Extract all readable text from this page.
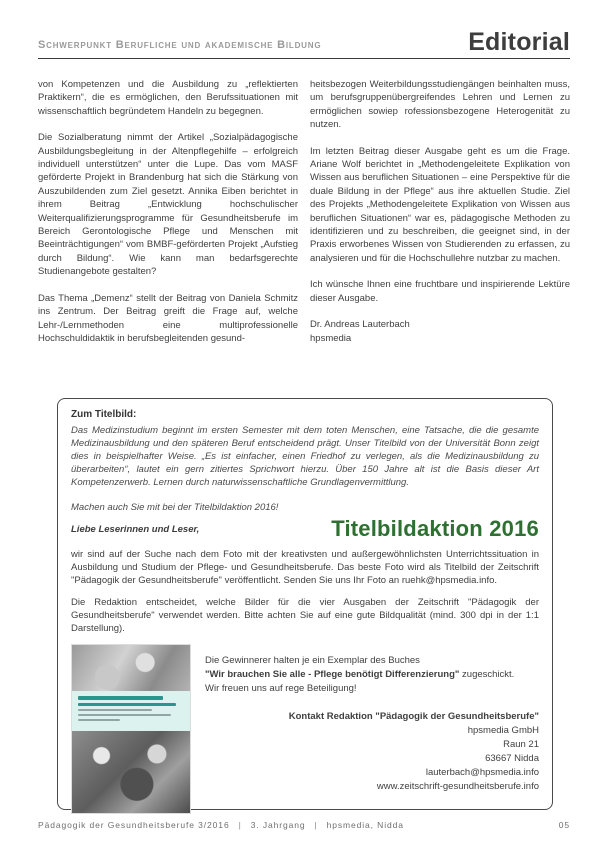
Schwerpunkt Berufliche und akademische Bildung	Editorial

von Kompetenzen und die Ausbildung zu „reflektierten Praktikern“, die es ermöglichen, den Berufssituationen mit wissenschaftlich begründetem Handeln zu begegnen.

Die Sozialberatung nimmt der Artikel „Sozialpädagogische Ausbildungsbegleitung in der Altenpflegehilfe – erfolgreich individuell unterstützen“ unter die Lupe. Das vom MASF geförderte Projekt in Brandenburg hat sich die Stärkung von Auszubildenden zum Ziel gesetzt. Annika Eiben berichtet in ihrem Beitrag „Entwicklung hochschulischer Weiterqualifizierungsprogramme für Gesundheitsberufe im Bereich Gerontologische Pflege und Menschen mit Beeinträchtigungen“ vom BMBF-geförderten Projekt „Aufstieg durch Bildung“. Wie kann man bedarfsgerechte Studienangebote gestalten?

Das Thema „Demenz“ stellt der Beitrag von Daniela Schmitz ins Zentrum. Der Beitrag greift die Frage auf, welche Lehr-/Lernmethoden eine multiprofessionelle Hochschuldidaktik in berufsbegleitenden gesund-

heitsbezogen Weiterbildungsstudiengängen beinhalten muss, um berufsgruppenübergreifendes Lehren und Lernen zu ermöglichen sowiep rofessionsbezogene Heterogenität zu nutzen.

Im letzten Beitrag dieser Ausgabe geht es um die Frage. Ariane Wolf berichtet in „Methodengeleitete Explikation von Wissen aus beruflichen Situationen – eine Perspektive für die duale Bildung in der Pflege“ aus ihre aktuellen Studie. Ziel des Projekts „Methodengeleitete Explikation von Wissen aus beruflichen Situationen“ war es, pädagogische Methoden zu identifizieren und zu beschreiben, die geeignet sind, in der Praxis erworbenes Wissen von Studierenden zu erfassen, zu analysieren und für die Hochschullehre nutzbar zu machen.

Ich wünsche Ihnen eine fruchtbare und inspirierende Lektüre dieser Ausgabe.

Dr. Andreas Lauterbach
hpsmedia

Zum Titelbild:

Das Medizinstudium beginnt im ersten Semester mit dem toten Menschen, eine Tatsache, die die gesamte Medizinausbildung und den späteren Beruf entscheidend prägt. Unser Titelbild von der Universität Bonn zeigt dies in beispielhafter Weise. „Es ist einfacher, einen Friedhof zu verlegen, als die Medizinausbildung zu überarbeiten“, lautet ein gern zitiertes Sprichwort hierzu. Über 150 Jahre alt ist die Basis dieser Art Kompetenzerwerb. Lernen durch naturwissenschaftliche Grundlagenvermittlung.

Machen auch Sie mit bei der Titelbildaktion 2016!

Liebe Leserinnen und Leser,	Titelbildaktion 2016

wir sind auf der Suche nach dem Foto mit der kreativsten und außergewöhnlichsten Unterrichtssituation in Ausbildung und Studium der Pflege- und Gesundheitsberufe. Das beste Foto wird als Titelbild der Zeitschrift "Pädagogik der Gesundheitsberufe" veröffentlicht. Senden Sie uns Ihr Foto an ruehk@hpsmedia.info.

Die Redaktion entscheidet, welche Bilder für die vier Ausgaben der Zeitschrift "Pädagogik der Gesundheitsberufe" verwendet werden. Bitte achten Sie auf eine gute Bildqualität (mind. 300 dpi in der 1:1 Darstellung).

Die Gewinnerer halten je ein Exemplar des Buches
"Wir brauchen Sie alle - Pflege benötigt Differenzierung" zugeschickt.
Wir freuen uns auf rege Beteiligung!
Kontakt Redaktion "Pädagogik der Gesundheitsberufe"
hpsmedia GmbH
Raun 21
63667 Nidda
lauterbach@hpsmedia.info
www.zeitschrift-gesundheitsberufe.info
Pädagogik der Gesundheitsberufe 3/2016 | 3. Jahrgang | hpsmedia, Nidda	05
